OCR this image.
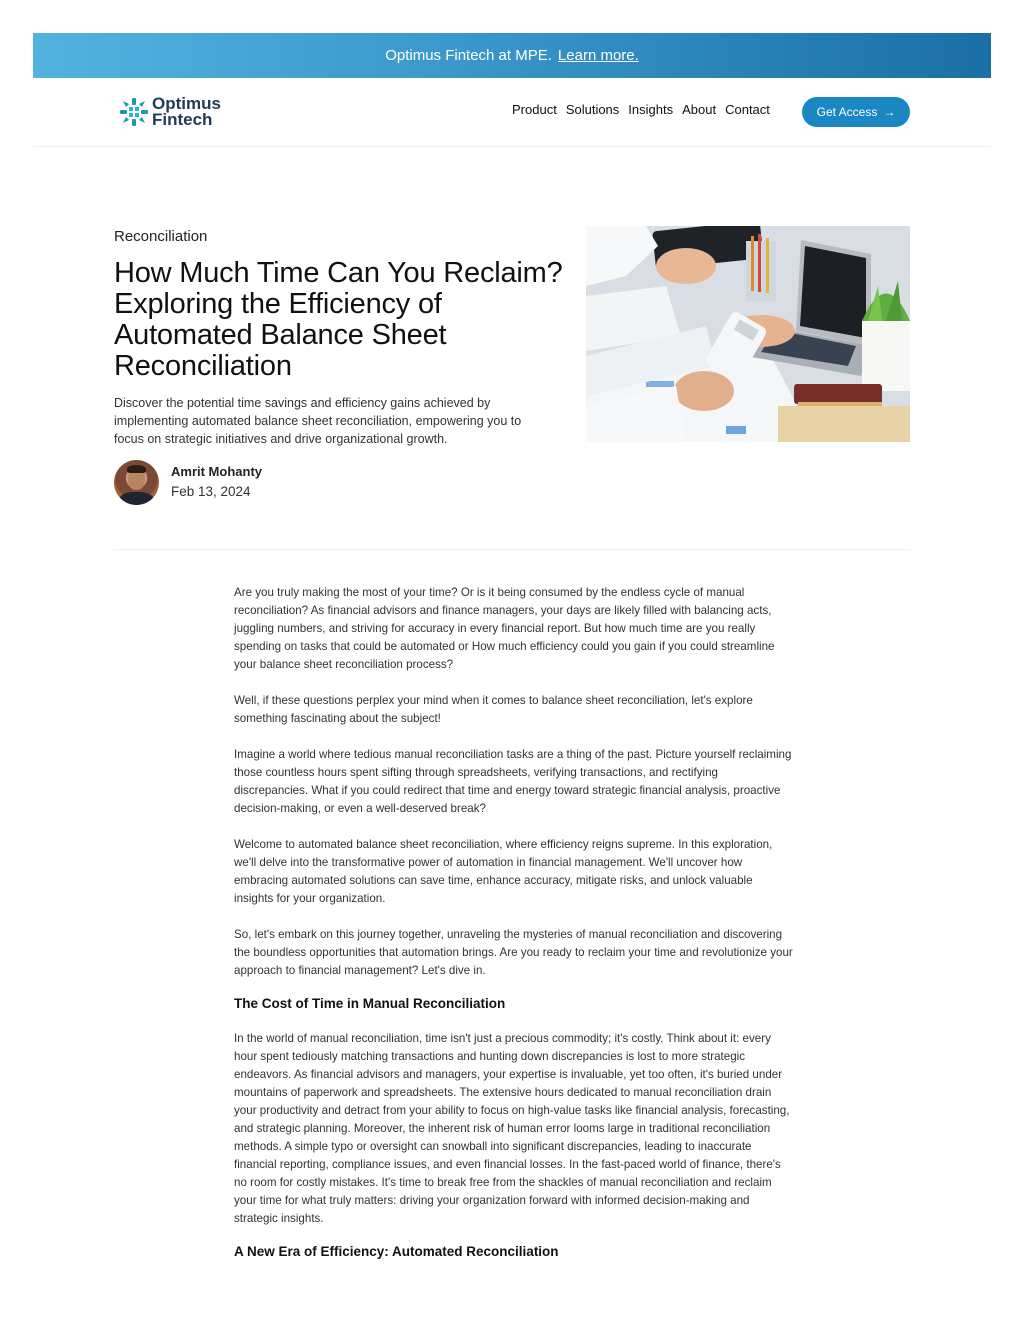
Optimus Fintech at MPE. Learn more.
Optimus
Fintech
Product Solutions Insights About Contact	Get Access →
Reconciliation
How Much Time Can You Reclaim? Exploring the Efficiency of Automated Balance Sheet Reconciliation

Discover the potential time savings and efficiency gains achieved by implementing automated balance sheet reconciliation, empowering you to focus on strategic initiatives and drive organizational growth.

Amrit Mohanty
Feb 13, 2024

Are you truly making the most of your time? Or is it being consumed by the endless cycle of manual reconciliation? As financial advisors and finance managers, your days are likely filled with balancing acts, juggling numbers, and striving for accuracy in every financial report. But how much time are you really spending on tasks that could be automated or How much efficiency could you gain if you could streamline your balance sheet reconciliation process?

Well, if these questions perplex your mind when it comes to balance sheet reconciliation, let's explore something fascinating about the subject!

Imagine a world where tedious manual reconciliation tasks are a thing of the past. Picture yourself reclaiming those countless hours spent sifting through spreadsheets, verifying transactions, and rectifying discrepancies. What if you could redirect that time and energy toward strategic financial analysis, proactive decision-making, or even a well-deserved break?

Welcome to automated balance sheet reconciliation, where efficiency reigns supreme. In this exploration, we'll delve into the transformative power of automation in financial management. We'll uncover how embracing automated solutions can save time, enhance accuracy, mitigate risks, and unlock valuable insights for your organization.

So, let's embark on this journey together, unraveling the mysteries of manual reconciliation and discovering the boundless opportunities that automation brings. Are you ready to reclaim your time and revolutionize your approach to financial management? Let's dive in.

The Cost of Time in Manual Reconciliation

In the world of manual reconciliation, time isn't just a precious commodity; it's costly. Think about it: every hour spent tediously matching transactions and hunting down discrepancies is lost to more strategic endeavors. As financial advisors and managers, your expertise is invaluable, yet too often, it's buried under mountains of paperwork and spreadsheets. The extensive hours dedicated to manual reconciliation drain your productivity and detract from your ability to focus on high-value tasks like financial analysis, forecasting, and strategic planning. Moreover, the inherent risk of human error looms large in traditional reconciliation methods. A simple typo or oversight can snowball into significant discrepancies, leading to inaccurate financial reporting, compliance issues, and even financial losses. In the fast-paced world of finance, there's no room for costly mistakes. It's time to break free from the shackles of manual reconciliation and reclaim your time for what truly matters: driving your organization forward with informed decision-making and strategic insights.

A New Era of Efficiency: Automated Reconciliation
